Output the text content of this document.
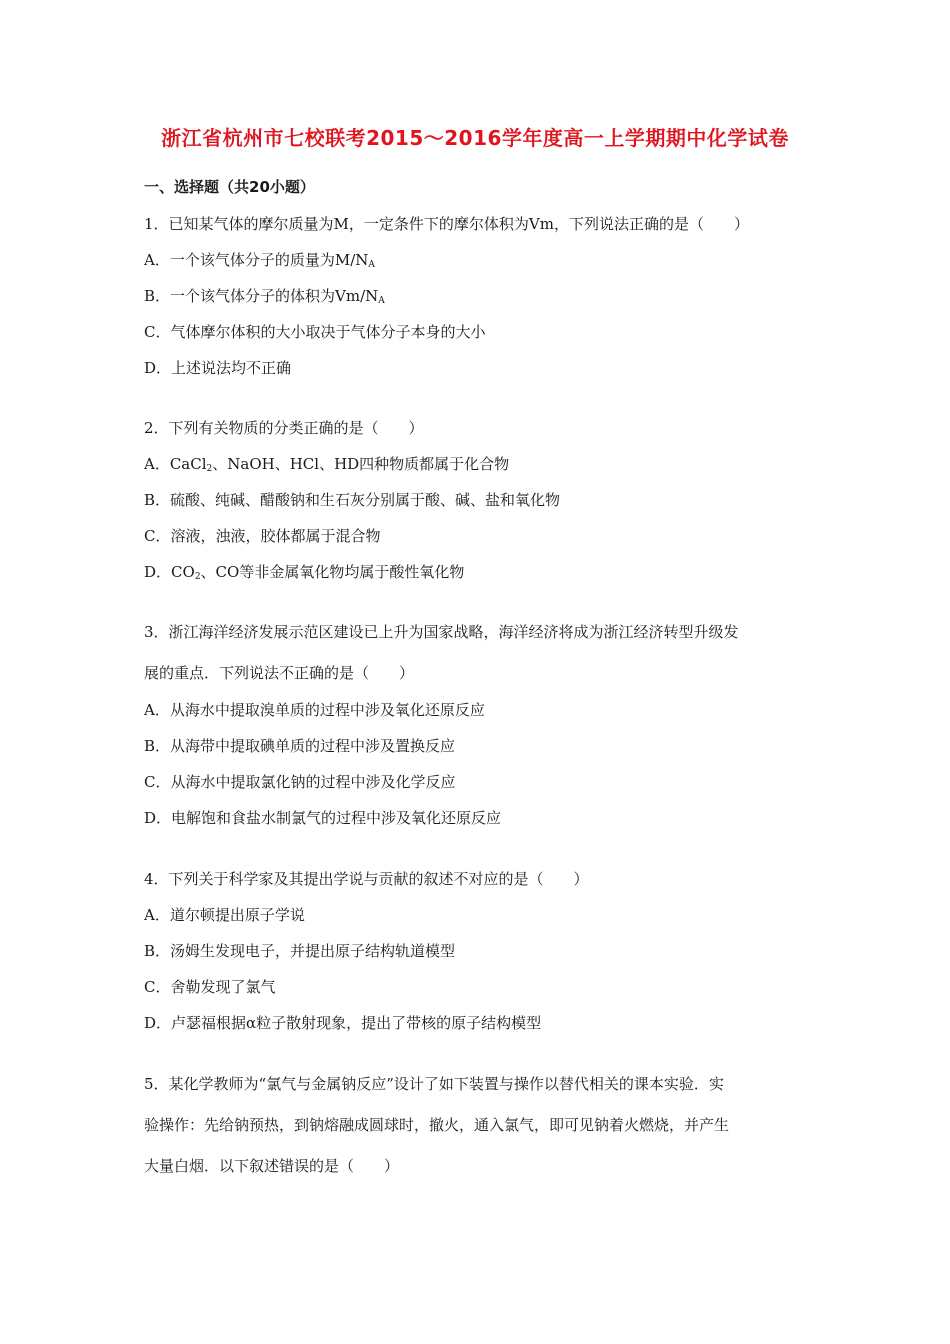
浙江省杭州市七校联考2015～2016学年度高一上学期期中化学试卷
一、选择题（共20小题）
1．已知某气体的摩尔质量为M，一定条件下的摩尔体积为Vm，下列说法正确的是（　　）
A．一个该气体分子的质量为$M/N_A$
B．一个该气体分子的体积为$Vm/N_A$
C．气体摩尔体积的大小取决于气体分子本身的大小
D．上述说法均不正确
2．下列有关物质的分类正确的是（　　）
A．CaCl$_2$、NaOH、HCl、HD四种物质都属于化合物
B．硫酸、纯碱、醋酸钠和生石灰分别属于酸、碱、盐和氧化物
C．溶液，浊液，胶体都属于混合物
D．$CO_2$、CO等非金属氧化物均属于酸性氧化物
3．浙江海洋经济发展示范区建设已上升为国家战略，海洋经济将成为浙江经济转型升级发
展的重点．下列说法不正确的是（　　）
A．从海水中提取溴单质的过程中涉及氧化还原反应
B．从海带中提取碘单质的过程中涉及置换反应
C．从海水中提取氯化钠的过程中涉及化学反应
D．电解饱和食盐水制氯气的过程中涉及氧化还原反应
4．下列关于科学家及其提出学说与贡献的叙述不对应的是（　　）
A．道尔顿提出原子学说
B．汤姆生发现电子，并提出原子结构轨道模型
C．舍勒发现了氯气
D．卢瑟福根据α粒子散射现象，提出了带核的原子结构模型
5．某化学教师为“氯气与金属钠反应”设计了如下装置与操作以替代相关的课本实验．实
验操作：先给钠预热，到钠熔融成圆球时，撤火，通入氯气，即可见钠着火燃烧，并产生
大量白烟．以下叙述错误的是（　　）
